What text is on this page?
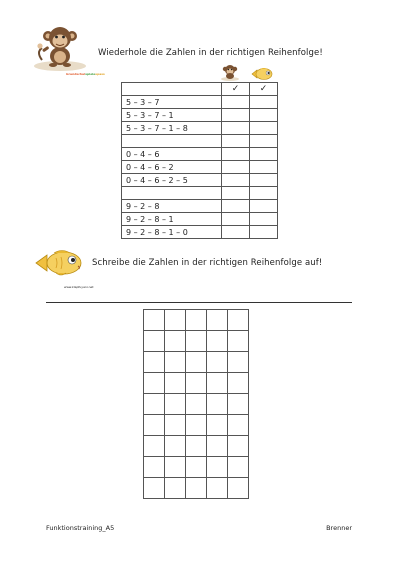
Grundschulspielespass
Wiederhole die Zahlen in der richtigen Reihenfolge!
	✓	✓
5 – 3 – 7		
5 – 3 – 7 – 1		
5 – 3 – 7 – 1 – 8		

0 – 4 – 6		
0 – 4 – 6 – 2		
0 – 4 – 6 – 2 – 5		

9 – 2 – 8		
9 – 2 – 8 – 1		
9 – 2 – 8 – 1 – 0		
www.klapfuyani.net
Schreibe die Zahlen in der richtigen Reihenfolge auf!

Funktionstraining_A5	Brenner
